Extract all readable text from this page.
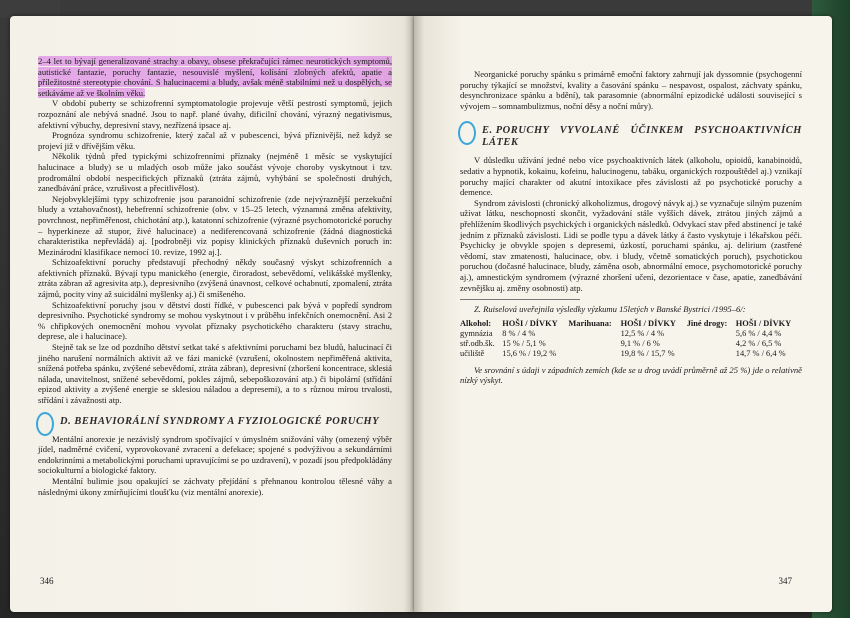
2–4 let to bývají generalizované strachy a obavy, obsese překračující rámec neurotických symptomů, autistické fantazie, poruchy fantazie, nesouvislé myšlení, kolísání zlobných afektů, apatie a příležitostné stereotypie chování. S halucinacemi a bludy, avšak méně stabilními než u dospělých, se setkáváme až ve školním věku.

V období puberty se schizofrenní symptomatologie projevuje větší pestrostí symptomů, jejich rozpoznání ale nebývá snadné. Jsou to např. plané úvahy, dificilní chování, výrazný negativismus, afektivní výbuchy, depresivní stavy, nezřízená ipsace aj.

Prognóza syndromu schizofrenie, který začal až v pubescenci, bývá příznivější, než když se projeví již v dřívějším věku.

Několik týdnů před typickými schizofrenními příznaky (nejméně 1 měsíc se vyskytující halucinace a bludy) se u mladých osob může jako součást vývoje choroby vyskytnout i tzv. prodromální období nespecifických příznaků (ztráta zájmů, vyhýbání se společnosti druhých, zanedbávání práce, vzrušivost a přecitlivělost).

Nejobvyklejšími typy schizofrenie jsou paranoidní schizofrenie (zde nejvýraznější perzekuční bludy a vztahovačnost), hebefrenní schizofrenie (obv. v 15–25 letech, významná změna afektivity, povrchnost, nepřiměřenost, chichotání atp.), katatonní schizofrenie (výrazné psychomotorické poruchy – hyperkineze až stupor, živé halucinace) a nediferencovaná schizofrenie (žádná diagnostická charakteristika nepřevládá) aj. [podrobněji viz popisy klinických příznaků duševních poruch in: Mezinárodní klasifikace nemocí 10. revize, 1992 aj.].

Schizoafektivní poruchy představují přechodný někdy současný výskyt schizofrenních a afektivních příznaků. Bývají typu manického (energie, čiroradost, sebevědomí, velikášské myšlenky, ztráta zábran až agresivita atp.), depresivního (zvýšená únavnost, celkové ochabnutí, zpomalení, ztráta zájmů, pocity viny až suicidální myšlenky aj.) či smíšeného.

Schizoafektivní poruchy jsou v dětství dosti řídké, v pubescenci pak bývá v popředí syndrom depresivního. Psychotické syndromy se mohou vyskytnout i v průběhu infekčních onemocnění. Asi 2 % chřipkových onemocnění mohou vyvolat příznaky psychotického charakteru (stavy strachu, deprese, ale i halucinace).

Stejně tak se lze od pozdního dětství setkat také s afektivními poruchami bez bludů, halucinací či jiného narušení normálních aktivit až ve fázi manické (vzrušení, okolnostem nepřiměřená aktivita, snížená potřeba spánku, zvýšené sebevědomí, ztráta zábran), depresivní (zhoršení koncentrace, sklesiá nálada, unavitelnost, snížené sebevědomí, pokles zájmů, sebepoškozování atp.) či bipolární (střídání epizod aktivity a zvýšené energie se sklesiou náladou a depresemi), a to s různou mírou trvalosti, střídání i závažnosti atp.

D. BEHAVIORÁLNÍ SYNDROMY A FYZIOLOGICKÉ PORUCHY

Mentální anorexie je nezávislý syndrom spočívající v úmyslném snižování váhy (omezený výběr jídel, nadměrné cvičení, vyprovokované zvracení a defekace; spojené s podvýživou a sekundárními endokrinními a metabolickými poruchami upravujícími se po uzdravení), v pozadí jsou předpokládány sociokulturní a biologické faktory.

Mentální bulimie jsou opakující se záchvaty přejídání s přehnanou kontrolou tělesné váhy a následnými úkony zmírňujícími tloušťku (viz mentální anorexie).

346

Neorganické poruchy spánku s primárně emoční faktory zahrnují jak dyssomnie (psychogenní poruchy týkající se množství, kvality a časování spánku – nespavost, ospalost, záchvaty spánku, desynchronizace spánku a bdění), tak parasomnie (abnormální epizodické události související s vývojem – somnambulizmus, noční děsy a noční můry).

E. PORUCHY VYVOLANÉ ÚČINKEM PSYCHOAKTIVNÍCH LÁTEK

V důsledku užívání jedné nebo více psychoaktivních látek (alkoholu, opioidů, kanabinoidů, sedativ a hypnotik, kokainu, kofeinu, halucinogenu, tabáku, organických rozpouštědel aj.) vznikají poruchy mající charakter od akutní intoxikace přes závislosti až po psychotické poruchy a demence.

Syndrom závislosti (chronický alkoholizmus, drogový návyk aj.) se vyznačuje silným puzením užívat látku, neschopností skončit, vyžadování stále vyšších dávek, ztrátou jiných zájmů a přehlížením škodlivých psychických i organických následků. Odvykací stav před abstinencí je také jedním z příznaků závislosti. Lidi se podle typu a dávek látky á často vyskytuje i lékařskou péči. Psychicky je obvykle spojen s depresemi, úzkostí, poruchami spánku, aj. delirium (zastřené vědomí, stav zmatenosti, halucinace, obv. i bludy, včetně somatických poruch), psychotickou poruchou (dočasné halucinace, bludy, záměna osob, abnormální emoce, psychomotorické poruchy aj.), amnestickým syndromem (výrazné zhoršení učení, dezorientace v čase, apatie, zanedbávání zevnějšku aj. změny osobnosti) atp.

Z. Ruiselová uveřejnila výsledky výzkumu 15letých v Banské Bystrici /1995–6/:

Alkohol:	HOŠI / DÍVKY	Marihuana:	HOŠI / DÍVKY	Jiné drogy:	HOŠI / DÍVKY
gymnázia	8 % / 4 %		12,5 % / 4 %		5,6 % / 4,4 %
stř.odb.šk.	15 % / 5,1 %		9,1 % / 6 %		4,2 % / 6,5 %
učiliště	15,6 % / 19,2 %		19,8 % / 15,7 %		14,7 % / 6,4 %

Ve srovnání s údaji v západních zemích (kde se u drog uvádí průměrně až 25 %) jde o relativně nízký výskyt.

347
